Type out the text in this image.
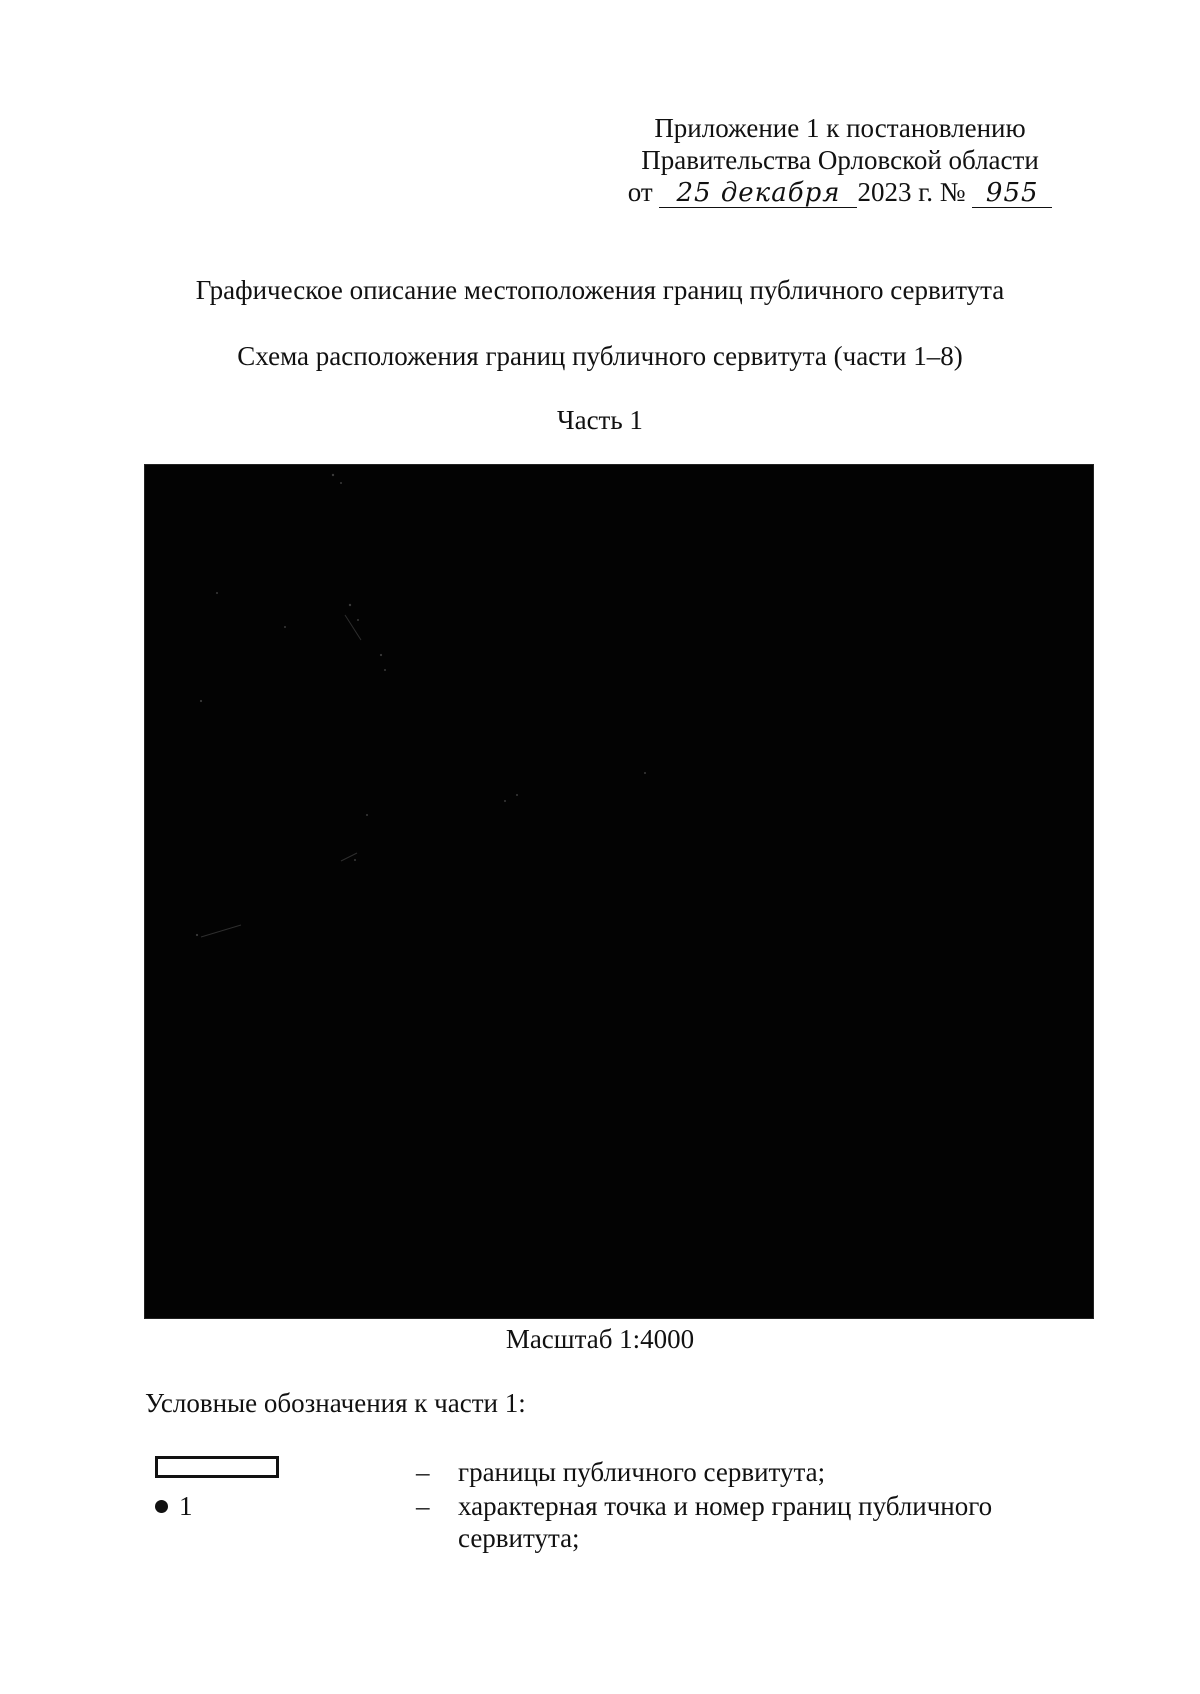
Приложение 1 к постановлению
Правительства Орловской области
от 25 декабря 2023 г. № 955
Графическое описание местоположения границ публичного сервитута
Схема расположения границ публичного сервитута (части 1–8)
Часть 1
Масштаб 1:4000
Условные обозначения к части 1:
– границы публичного сервитута;
1	– характерная точка и номер границ публичного сервитута;
